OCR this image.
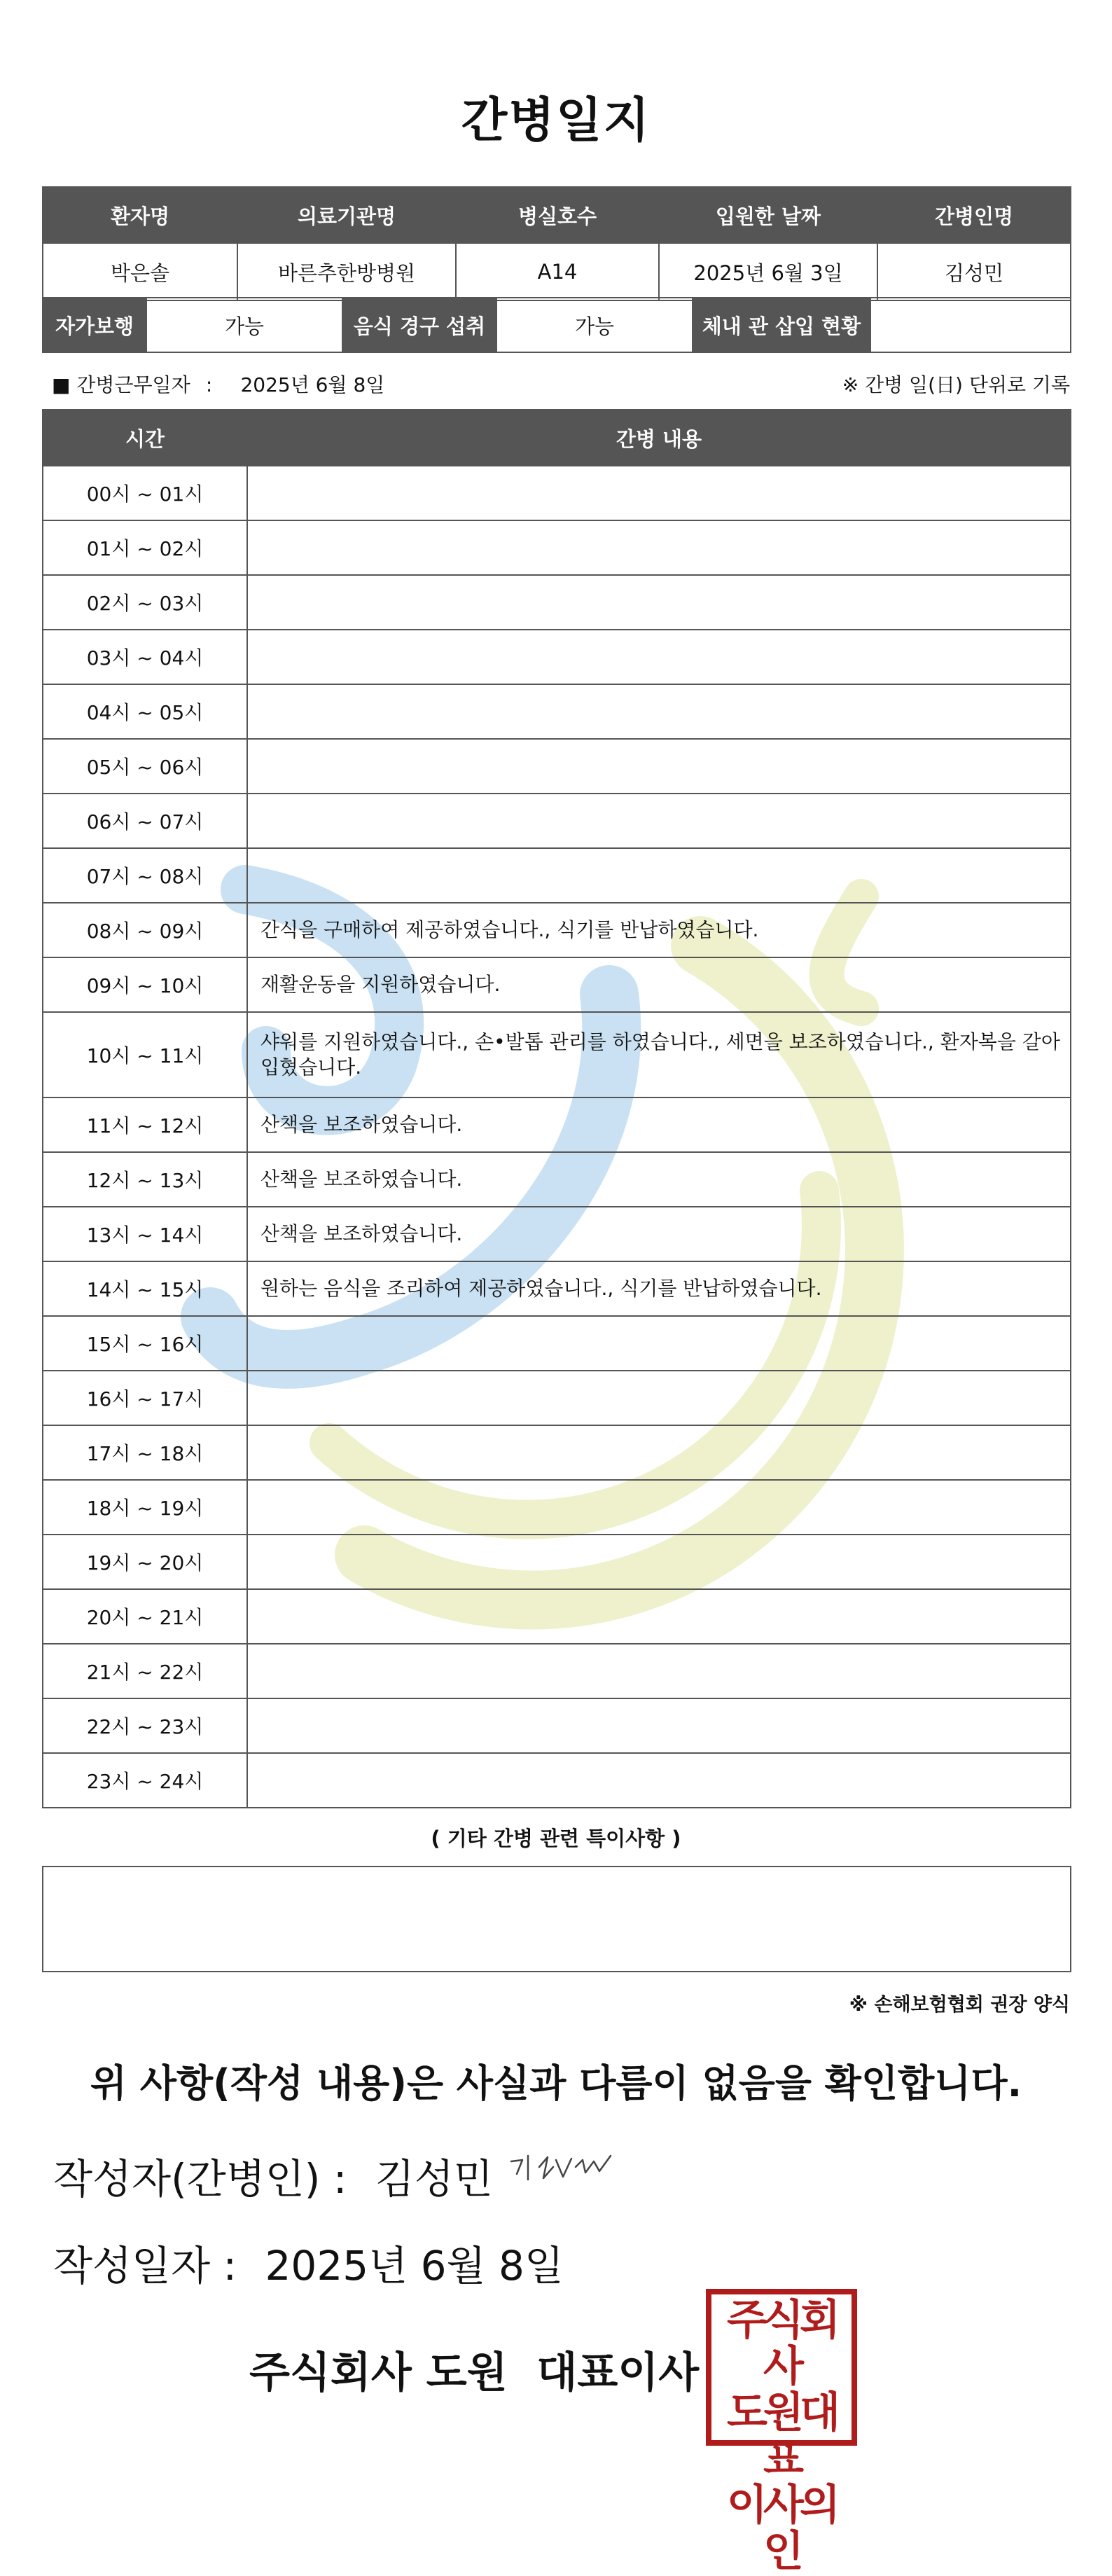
간병일지
환자명	의료기관명	병실호수	입원한 날짜	간병인명
박은솔	바른추한방병원	A14	2025년 6월 3일	김성민
자가보행	가능	음식 경구 섭취	가능	체내 관 삽입 현황	
■ 간병근무일자 : 2025년 6월 8일	※ 간병 일(日) 단위로 기록
시간	간병 내용
00시 ~ 01시	
01시 ~ 02시	
02시 ~ 03시	
03시 ~ 04시	
04시 ~ 05시	
05시 ~ 06시	
06시 ~ 07시	
07시 ~ 08시	
08시 ~ 09시	간식을 구매하여 제공하였습니다., 식기를 반납하였습니다.
09시 ~ 10시	재활운동을 지원하였습니다.
10시 ~ 11시	샤워를 지원하였습니다., 손•발톱 관리를 하였습니다., 세면을 보조하였습니다., 환자복을 갈아입혔습니다.
11시 ~ 12시	산책을 보조하였습니다.
12시 ~ 13시	산책을 보조하였습니다.
13시 ~ 14시	산책을 보조하였습니다.
14시 ~ 15시	원하는 음식을 조리하여 제공하였습니다., 식기를 반납하였습니다.
15시 ~ 16시	
16시 ~ 17시	
17시 ~ 18시	
18시 ~ 19시	
19시 ~ 20시	
20시 ~ 21시	
21시 ~ 22시	
22시 ~ 23시	
23시 ~ 24시	
( 기타 간병 관련 특이사항 )
※ 손해보험협회 권장 양식
위 사항(작성 내용)은 사실과 다름이 없음을 확인합니다.
작성자(간병인) : 김성민
작성일자 : 2025년 6월 8일
주식회사 도원  대표이사
주식회사
도원대표
이사의인
